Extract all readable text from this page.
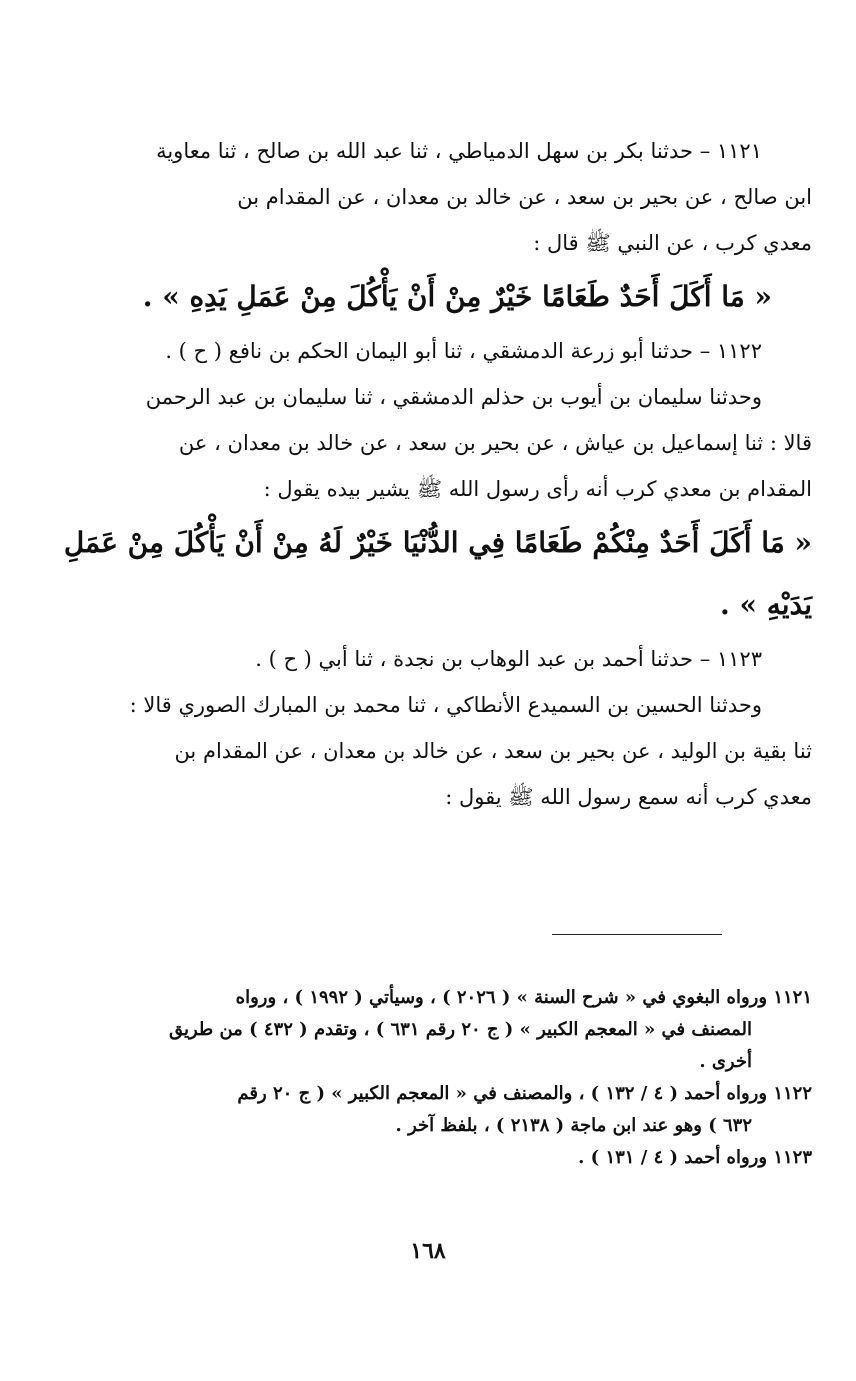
١١٢١ – حدثنا بكر بن سهل الدمياطي ، ثنا عبد الله بن صالح ، ثنا معاوية

ابن صالح ، عن بحير بن سعد ، عن خالد بن معدان ، عن المقدام بن

معدي كرب ، عن النبي ﷺ قال :

« مَا أَكَلَ أَحَدٌ طَعَامًا خَيْرٌ مِنْ أَنْ يَأْكُلَ مِنْ عَمَلِ يَدِهِ » .

١١٢٢ – حدثنا أبو زرعة الدمشقي ، ثنا أبو اليمان الحكم بن نافع ( ح ) .

وحدثنا سليمان بن أيوب بن حذلم الدمشقي ، ثنا سليمان بن عبد الرحمن

قالا : ثنا إسماعيل بن عياش ، عن بحير بن سعد ، عن خالد بن معدان ، عن

المقدام بن معدي كرب أنه رأى رسول الله ﷺ يشير بيده يقول :

« مَا أَكَلَ أَحَدٌ مِنْكُمْ طَعَامًا فِي الدُّنْيَا خَيْرٌ لَهُ مِنْ أَنْ يَأْكُلَ مِنْ عَمَلِ يَدَيْهِ » .

١١٢٣ – حدثنا أحمد بن عبد الوهاب بن نجدة ، ثنا أبي ( ح ) .

وحدثنا الحسين بن السميدع الأنطاكي ، ثنا محمد بن المبارك الصوري قالا :

ثنا بقية بن الوليد ، عن بحير بن سعد ، عن خالد بن معدان ، عن المقدام بن

معدي كرب أنه سمع رسول الله ﷺ يقول :

١١٢١ ورواه البغوي في « شرح السنة » ( ٢٠٢٦ ) ، وسيأتي ( ١٩٩٢ ) ، ورواه

المصنف في « المعجم الكبير » ( ج ٢٠ رقم ٦٣١ ) ، وتقدم ( ٤٣٢ ) من طريق

أخرى .

١١٢٢ ورواه أحمد ( ٤ / ١٣٢ ) ، والمصنف في « المعجم الكبير » ( ج ٢٠ رقم

٦٣٢ ) وهو عند ابن ماجة ( ٢١٣٨ ) ، بلفظ آخر .

١١٢٣ ورواه أحمد ( ٤ / ١٣١ ) .

١٦٨
